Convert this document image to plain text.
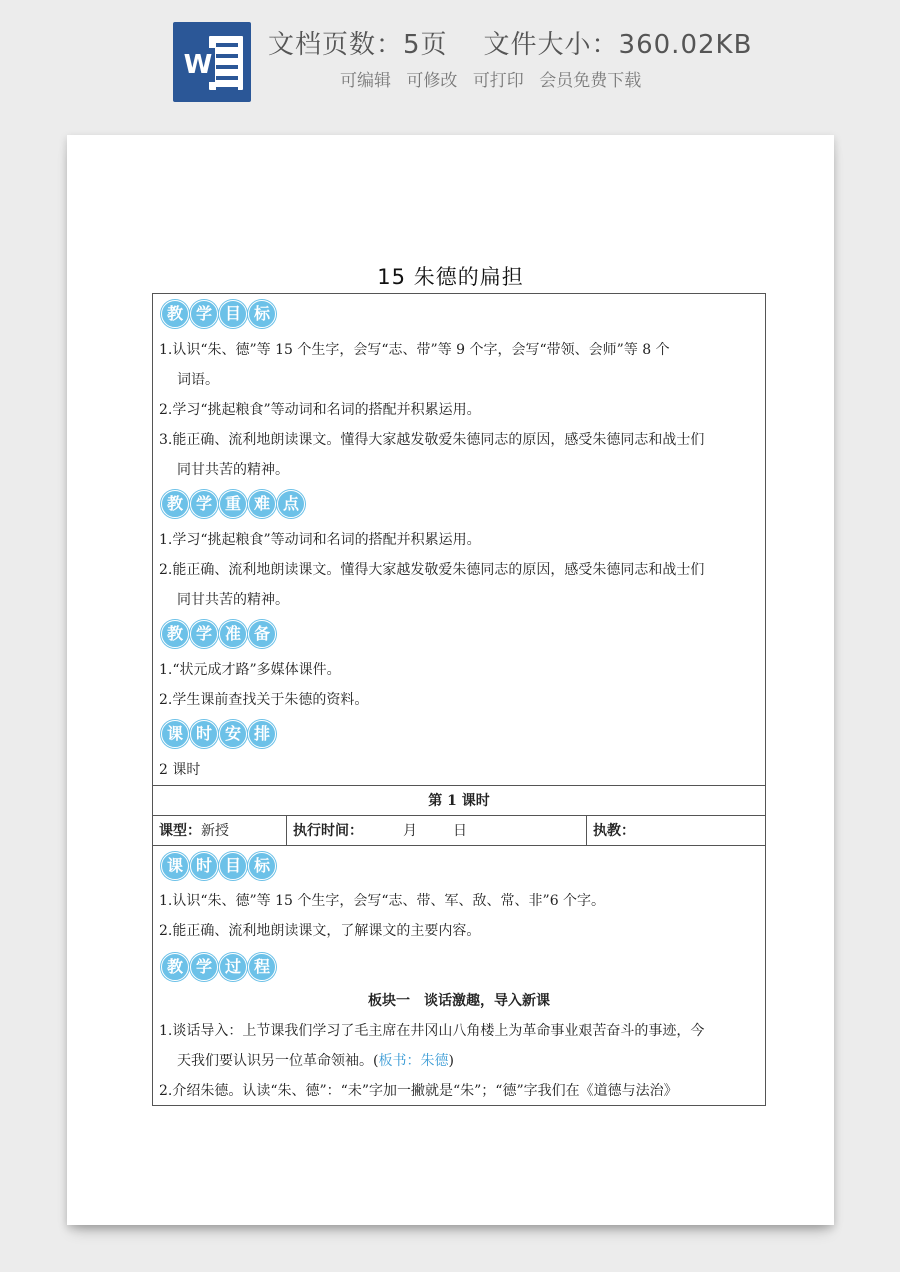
W
文档页数：5页 文件大小：360.02KB
可编辑 可修改 可打印 会员免费下载
15 朱德的扁担
教 学 目 标
1.认识“朱、德”等 15 个生字，会写“志、带”等 9 个字，会写“带领、会师”等 8 个
词语。
2.学习“挑起粮食”等动词和名词的搭配并积累运用。
3.能正确、流利地朗读课文。懂得大家越发敬爱朱德同志的原因，感受朱德同志和战士们
同甘共苦的精神。
教 学 重 难 点
1.学习“挑起粮食”等动词和名词的搭配并积累运用。
2.能正确、流利地朗读课文。懂得大家越发敬爱朱德同志的原因，感受朱德同志和战士们
同甘共苦的精神。
教 学 准 备
1.“状元成才路”多媒体课件。
2.学生课前查找关于朱德的资料。
课 时 安 排
2 课时
第 1 课时
课型：新授	执行时间：	月	日	执教：
课 时 目 标
1.认识“朱、德”等 15 个生字，会写“志、带、军、敌、常、非”6 个字。
2.能正确、流利地朗读课文，了解课文的主要内容。
教 学 过 程
板块一　谈话激趣，导入新课
1.谈话导入：上节课我们学习了毛主席在井冈山八角楼上为革命事业艰苦奋斗的事迹，今
天我们要认识另一位革命领袖。(板书：朱德)
2.介绍朱德。认读“朱、德”：“未”字加一撇就是“朱”；“德”字我们在《道德与法治》
